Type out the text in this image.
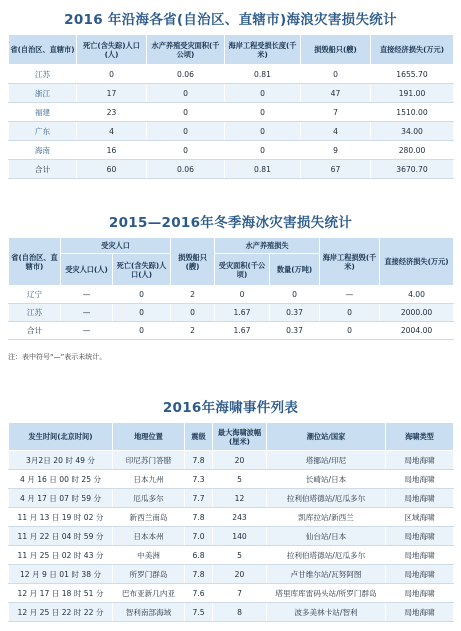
2016 年沿海各省(自治区、直辖市)海浪灾害损失统计
省(自治区、直辖市)	死亡(含失踪)人口(人)	水产养殖受灾面积(千公顷)	海岸工程受损长度(千米)	损毁船只(艘)	直接经济损失(万元)
江苏	0	0.06	0.81	0	1655.70
浙江	17	0	0	47	191.00
福建	23	0	0	7	1510.00
广东	4	0	0	4	34.00
海南	16	0	0	9	280.00
合计	60	0.06	0.81	67	3670.70
2015—2016年冬季海冰灾害损失统计
省(自治区、直辖市)	受灾人口		损毁船只(艘)	水产养殖损失		海岸工程损毁(千米)	直接经济损失(万元)
	受灾人口(人)	死亡(含失踪)人口(人)		受灾面积(千公顷)	数量(万吨)		
辽宁	—	0	2	0	0	—	4.00
江苏	—	0	0	1.67	0.37	0	2000.00
合计	—	0	2	1.67	0.37	0	2004.00
注：表中符号“—”表示未统计。
2016年海啸事件列表
发生时间(北京时间)	地理位置	震级	最大海啸波幅(厘米)	潮位站/国家	海啸类型
3月2日 20 时 49 分	印尼苏门答腊	7.8	20	塔挪站/印尼	局地海啸
4 月 16 日 00 时 25 分	日本九州	7.3	5	长崎站/日本	局地海啸
4 月 17 日 07 时 59 分	厄瓜多尔	7.7	12	拉利伯塔德站/厄瓜多尔	局地海啸
11 月 13 日 19 时 02 分	新西兰南岛	7.8	243	凯库拉站/新西兰	区域海啸
11 月 22 日 04 时 59 分	日本本州	7.0	140	仙台站/日本	局地海啸
11 月 25 日 02 时 43 分	中美洲	6.8	5	拉利伯塔德站/厄瓜多尔	局地海啸
12 月 9 日 01 时 38 分	所罗门群岛	7.8	20	卢甘维尔站/瓦努阿图	局地海啸
12 月 17 日 18 时 51 分	巴布亚新几内亚	7.6	7	塔里库库雷码头站/所罗门群岛	局地海啸
12 月 25 日 22 时 22 分	智利南部海域	7.5	8	波多美林卡站/智利	局地海啸
